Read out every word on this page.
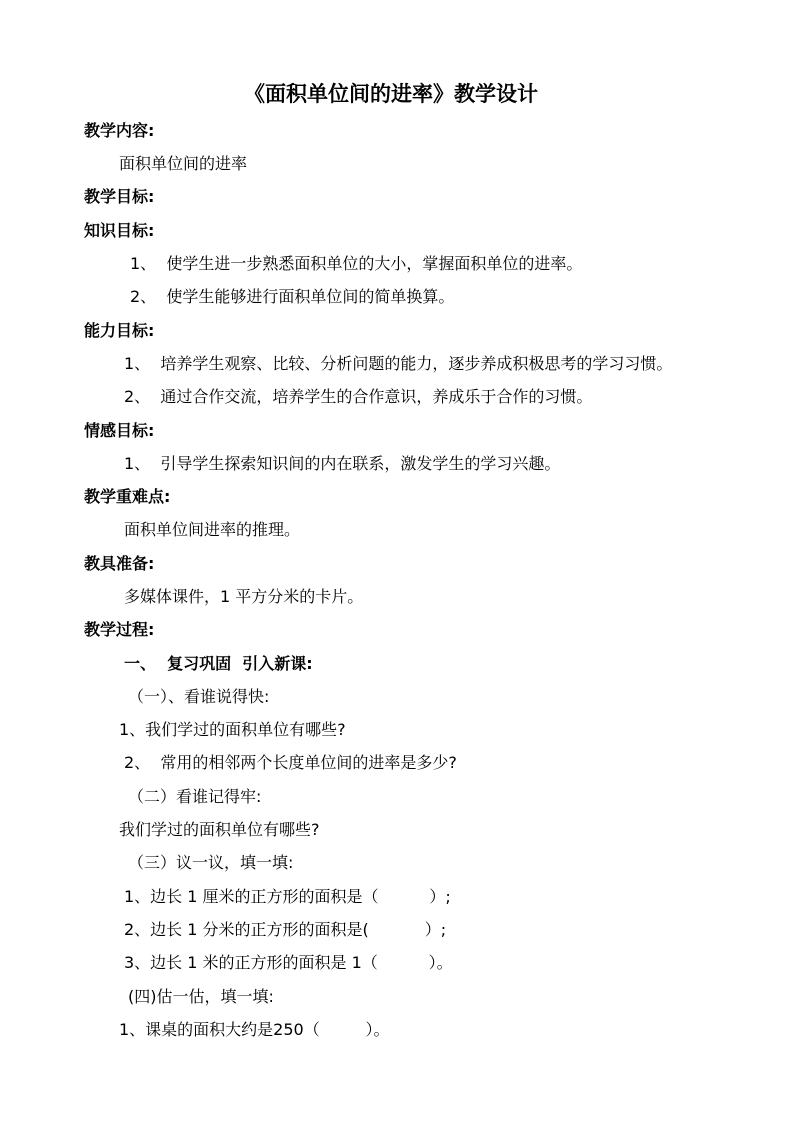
《面积单位间的进率》教学设计
教学内容:
面积单位间的进率
教学目标:
知识目标:
1、  使学生进一步熟悉面积单位的大小，掌握面积单位的进率。
2、  使学生能够进行面积单位间的简单换算。
能力目标:
1、  培养学生观察、比较、分析问题的能力，逐步养成积极思考的学习习惯。
2、  通过合作交流，培养学生的合作意识，养成乐于合作的习惯。
情感目标:
1、  引导学生探索知识间的内在联系，激发学生的学习兴趣。
教学重难点:
面积单位间进率的推理。
教具准备:
多媒体课件，1 平方分米的卡片。
教学过程:
一、  复习巩固  引入新课:
（一）、看谁说得快:
1、我们学过的面积单位有哪些?
2、  常用的相邻两个长度单位间的进率是多少?
（二）看谁记得牢:
我们学过的面积单位有哪些?
（三）议一议，填一填:
1、边长 1 厘米的正方形的面积是（          ）;
2、边长 1 分米的正方形的面积是(           ）;
3、边长 1 米的正方形的面积是 1（          ）。
(四)估一估，填一填:
1、课桌的面积大约是250（         ）。
